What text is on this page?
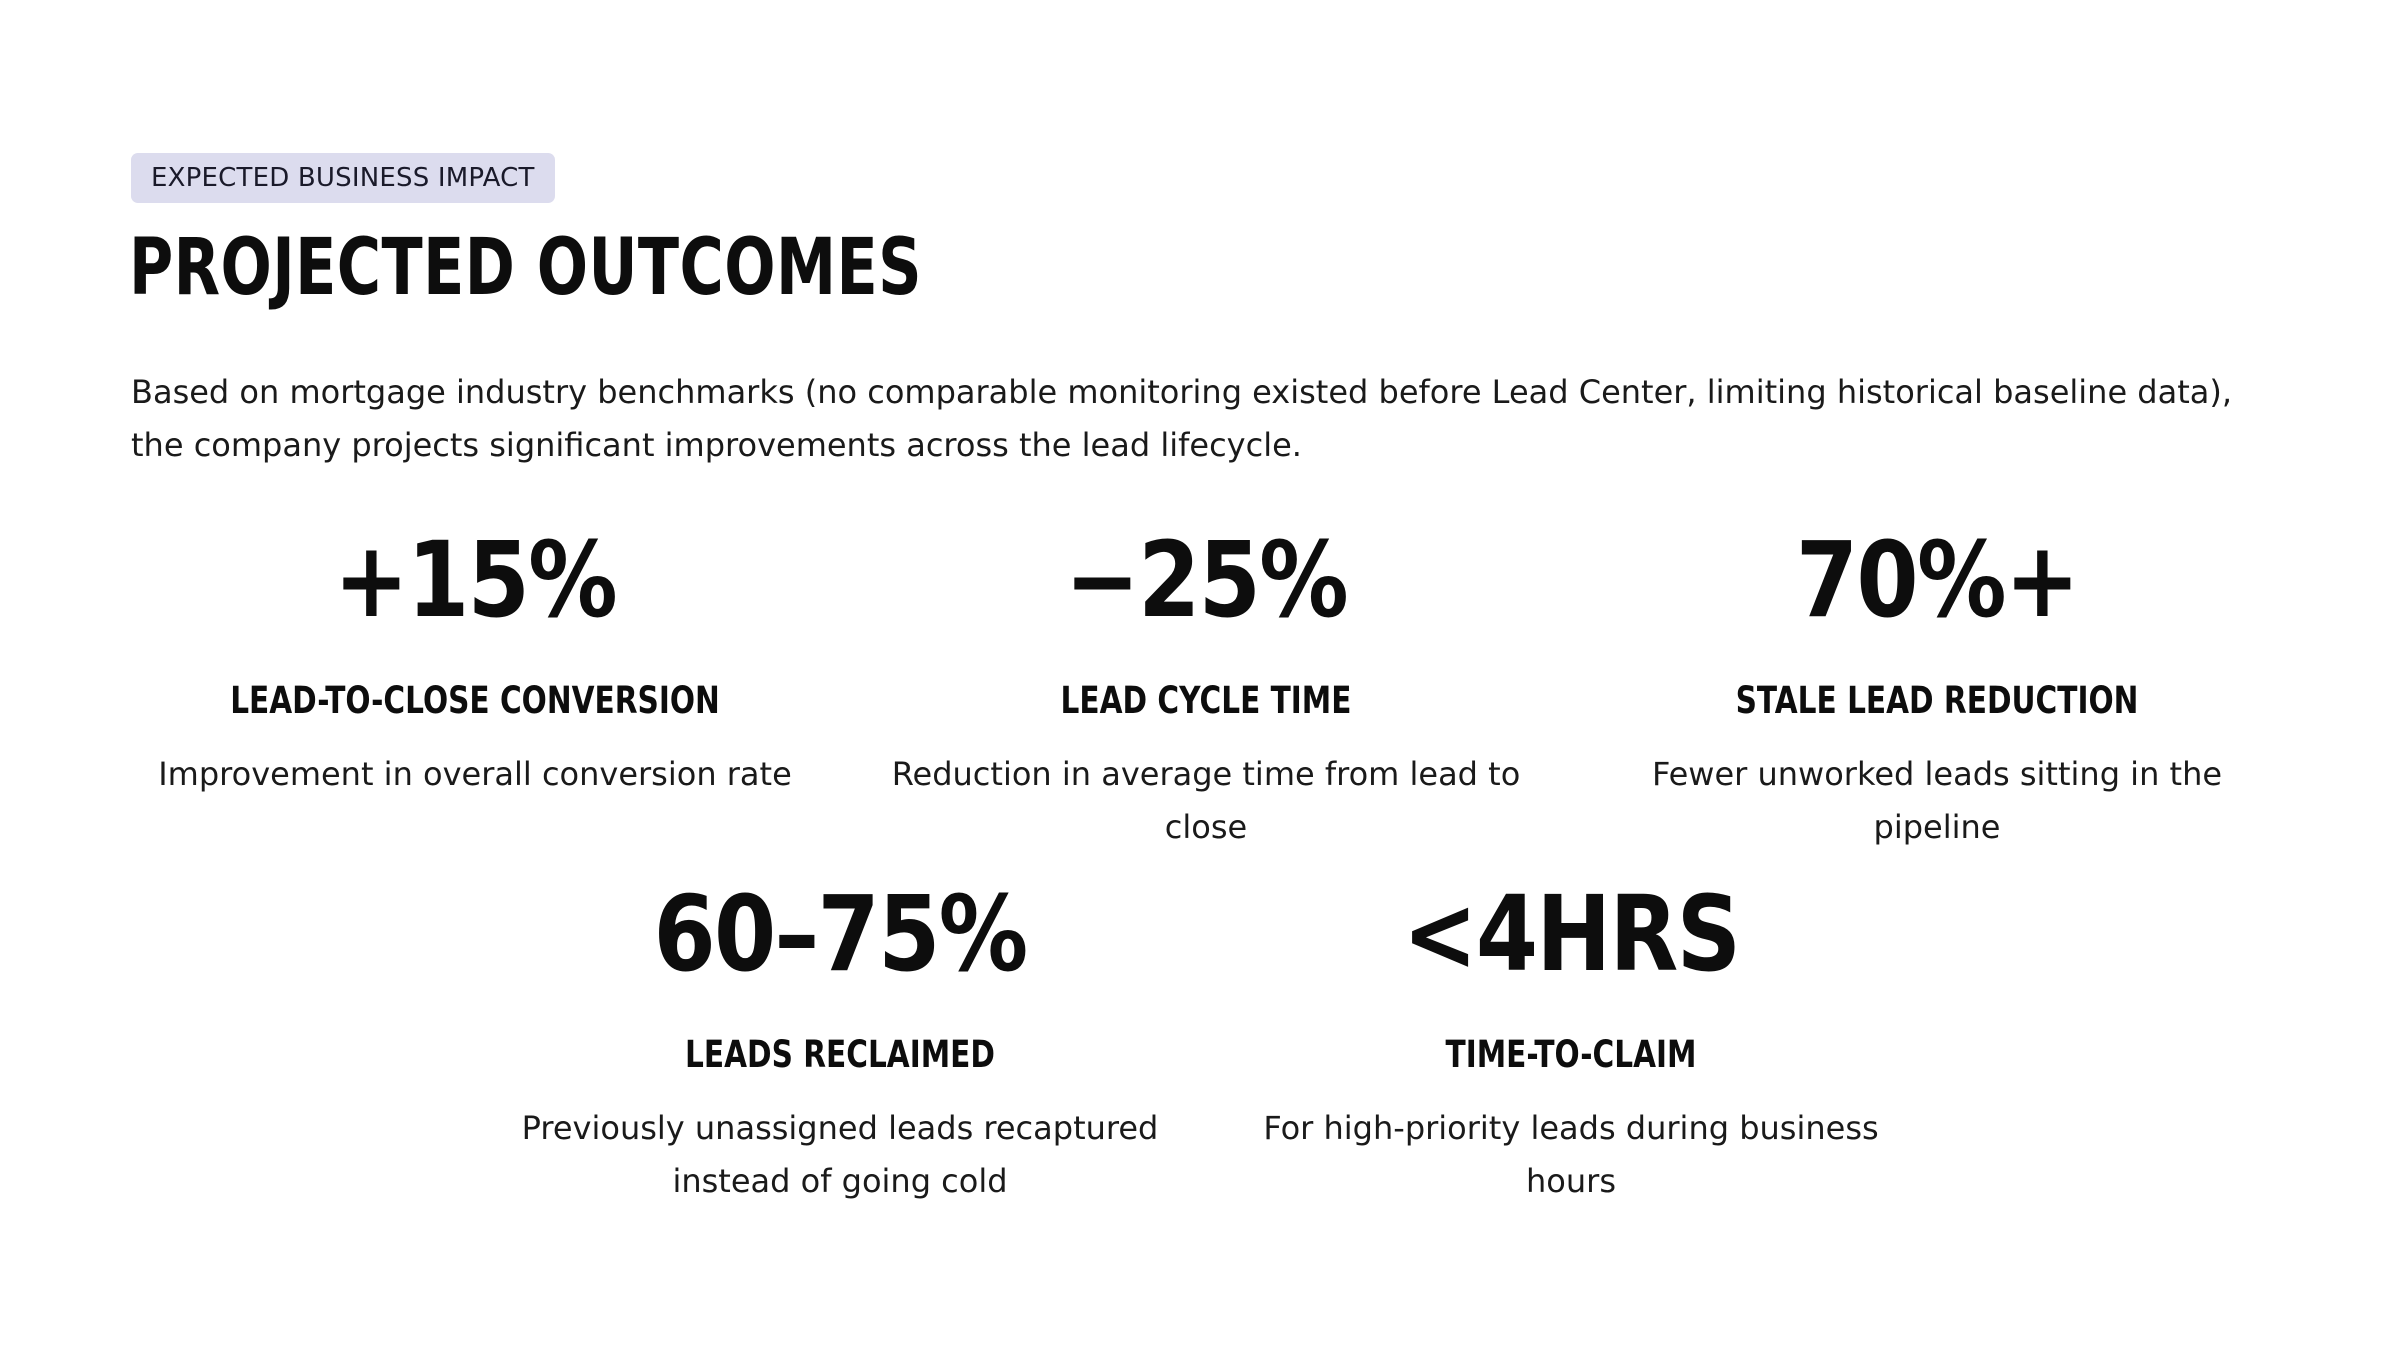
EXPECTED BUSINESS IMPACT
PROJECTED OUTCOMES

Based on mortgage industry benchmarks (no comparable monitoring existed before Lead Center, limiting historical baseline data), the company projects significant improvements across the lead lifecycle.

+15%
LEAD-TO-CLOSE CONVERSION
Improvement in overall conversion rate
−25%
LEAD CYCLE TIME
Reduction in average time from lead to close
70%+
STALE LEAD REDUCTION
Fewer unworked leads sitting in the pipeline
60–75%
LEADS RECLAIMED
Previously unassigned leads recaptured instead of going cold
<4HRS
TIME-TO-CLAIM
For high-priority leads during business hours
